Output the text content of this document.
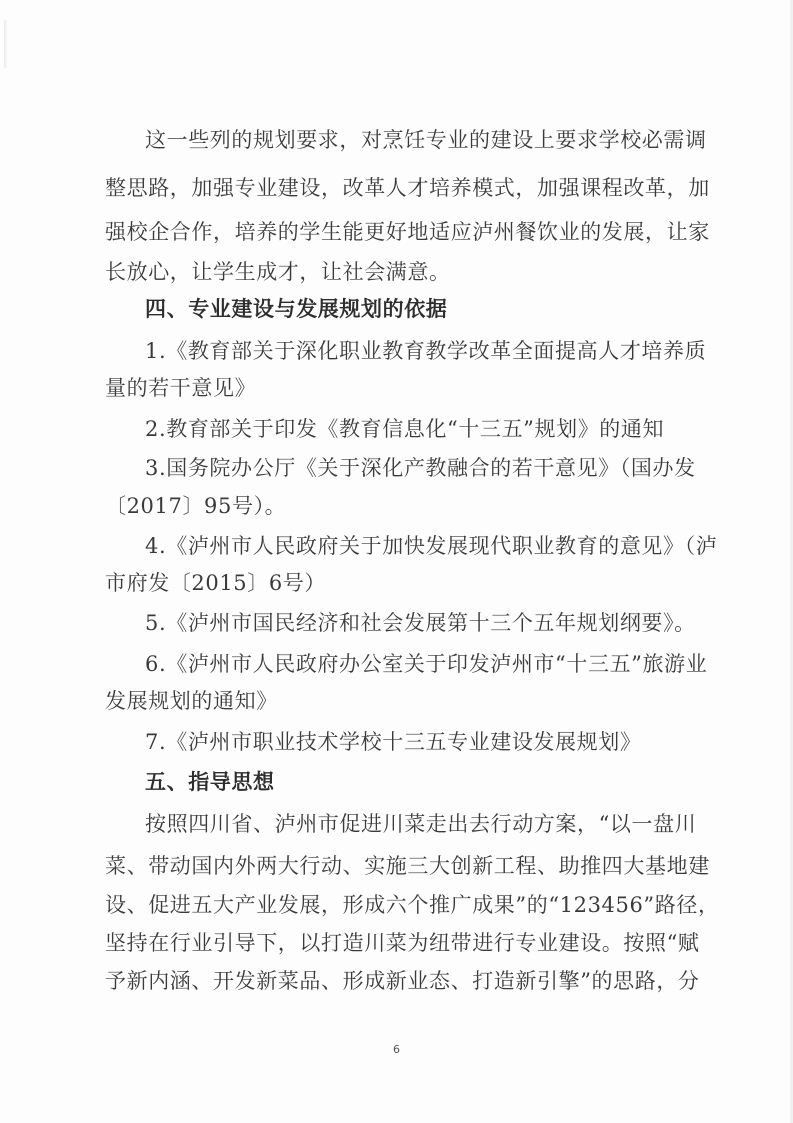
这一些列的规划要求，对烹饪专业的建设上要求学校必需调
整思路，加强专业建设，改革人才培养模式，加强课程改革，加
强校企合作，培养的学生能更好地适应泸州餐饮业的发展，让家
长放心，让学生成才，让社会满意。
四、专业建设与发展规划的依据
1.《教育部关于深化职业教育教学改革全面提高人才培养质
量的若干意见》
2.教育部关于印发《教育信息化“十三五”规划》的通知
3.国务院办公厅《关于深化产教融合的若干意见》（国办发
〔2017〕95号）。
4.《泸州市人民政府关于加快发展现代职业教育的意见》（泸
市府发〔2015〕6号）
5.《泸州市国民经济和社会发展第十三个五年规划纲要》。
6.《泸州市人民政府办公室关于印发泸州市“十三五”旅游业
发展规划的通知》
7.《泸州市职业技术学校十三五专业建设发展规划》
五、指导思想
按照四川省、泸州市促进川菜走出去行动方案，“以一盘川
菜、带动国内外两大行动、实施三大创新工程、助推四大基地建
设、促进五大产业发展，形成六个推广成果”的“123456”路径，
坚持在行业引导下，以打造川菜为纽带进行专业建设。按照“赋
予新内涵、开发新菜品、形成新业态、打造新引擎”的思路，分
6
